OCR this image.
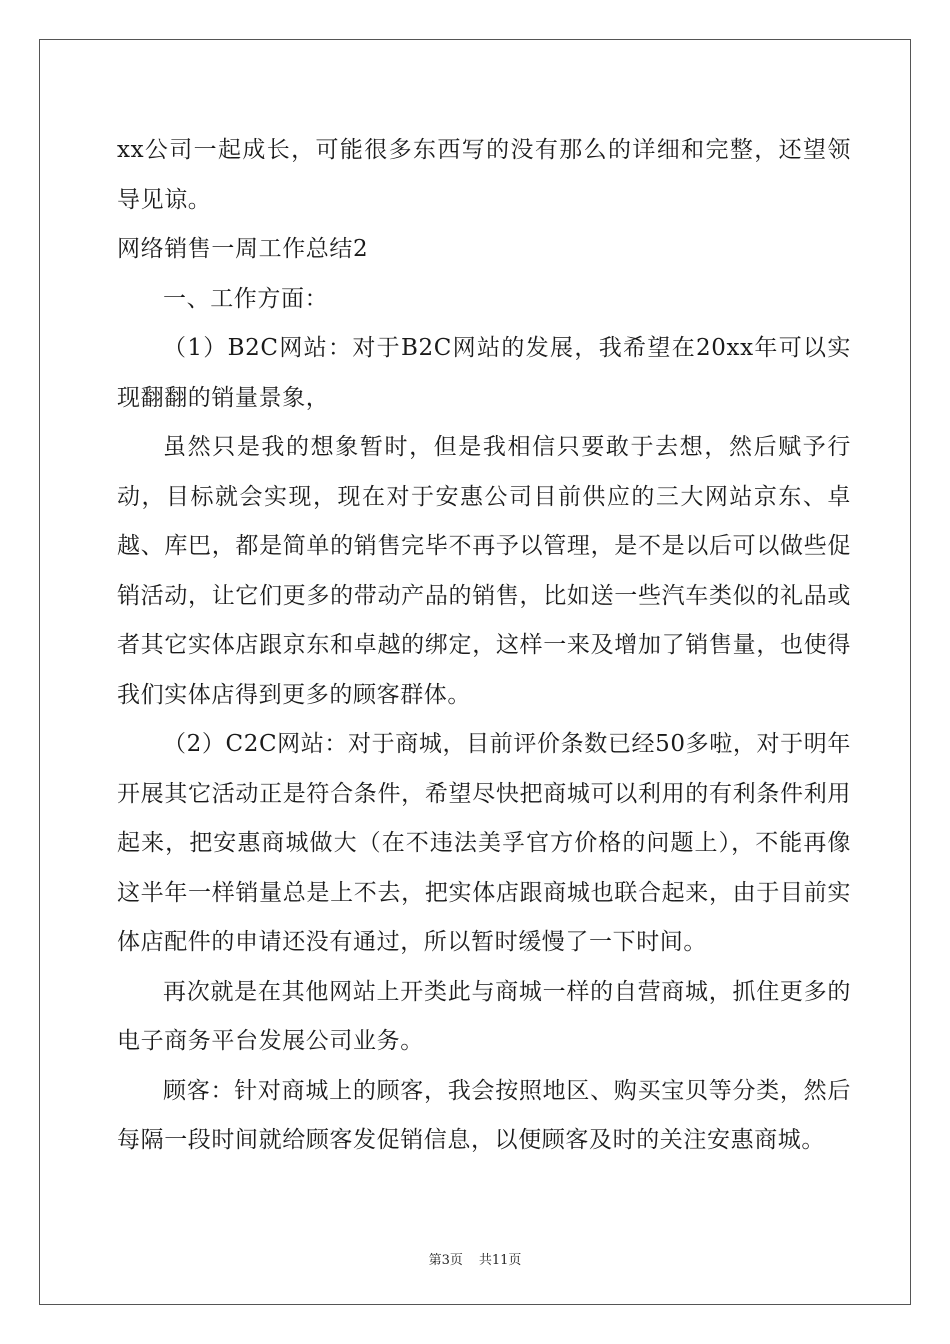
xx公司一起成长，可能很多东西写的没有那么的详细和完整，还望领导见谅。

网络销售一周工作总结2

一、工作方面：

（1）B2C网站：对于B2C网站的发展，我希望在20xx年可以实现翻翻的销量景象，

虽然只是我的想象暂时，但是我相信只要敢于去想，然后赋予行动，目标就会实现，现在对于安惠公司目前供应的三大网站京东、卓越、库巴，都是简单的销售完毕不再予以管理，是不是以后可以做些促销活动，让它们更多的带动产品的销售，比如送一些汽车类似的礼品或者其它实体店跟京东和卓越的绑定，这样一来及增加了销售量，也使得我们实体店得到更多的顾客群体。

（2）C2C网站：对于商城，目前评价条数已经50多啦，对于明年开展其它活动正是符合条件，希望尽快把商城可以利用的有利条件利用起来，把安惠商城做大（在不违法美孚官方价格的问题上），不能再像这半年一样销量总是上不去，把实体店跟商城也联合起来，由于目前实体店配件的申请还没有通过，所以暂时缓慢了一下时间。

再次就是在其他网站上开类此与商城一样的自营商城，抓住更多的电子商务平台发展公司业务。

顾客：针对商城上的顾客，我会按照地区、购买宝贝等分类，然后每隔一段时间就给顾客发促销信息，以便顾客及时的关注安惠商城。

第3页 共11页
